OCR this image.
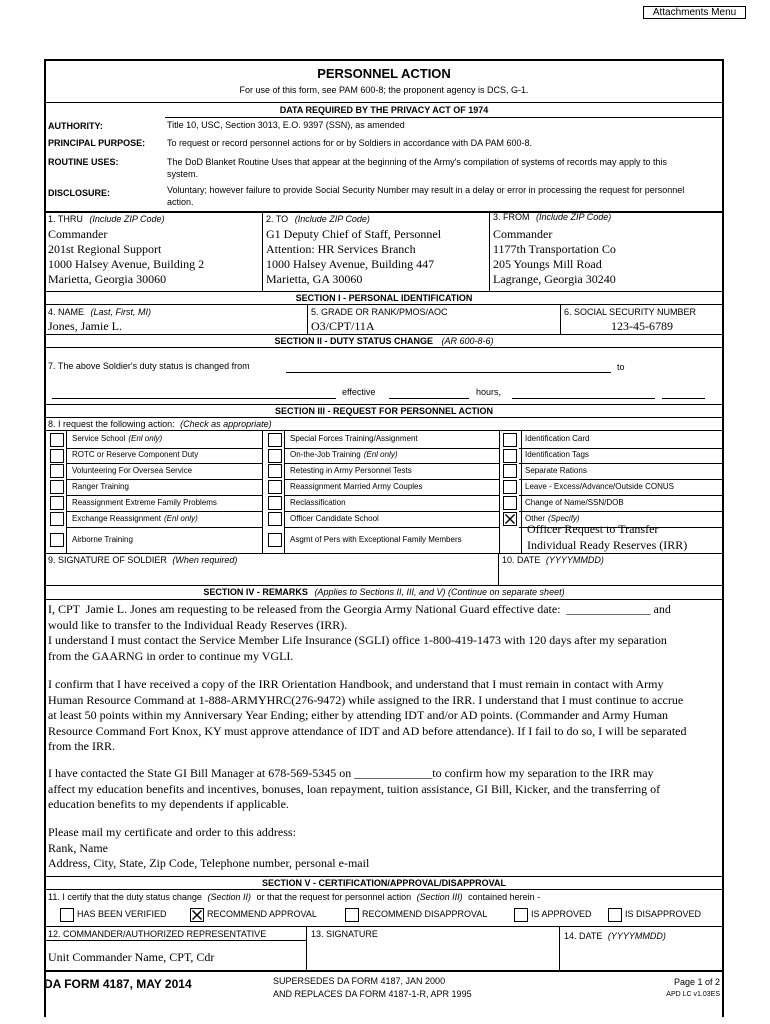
Attachments Menu
PERSONNEL ACTION
For use of this form, see PAM 600-8; the proponent agency is DCS, G-1.
DATA REQUIRED BY THE PRIVACY ACT OF 1974
AUTHORITY:	Title 10, USC, Section 3013, E.O. 9397 (SSN), as amended
PRINCIPAL PURPOSE: To request or record personnel actions for or by Soldiers in accordance with DA PAM 600-8.
ROUTINE USES:	The DoD Blanket Routine Uses that appear at the beginning of the Army's compilation of systems of records may apply to this system.
DISCLOSURE:	Voluntary; however failure to provide Social Security Number may result in a delay or error in processing the request for personnel action.
1. THRU (Include ZIP Code)
Commander
201st Regional Support
1000 Halsey Avenue, Building 2
Marietta, Georgia 30060
2. TO (Include ZIP Code)
G1 Deputy Chief of Staff, Personnel
Attention: HR Services Branch
1000 Halsey Avenue, Building 447
Marietta, GA 30060
3. FROM (Include ZIP Code)
Commander
1177th Transportation Co
205 Youngs Mill Road
Lagrange, Georgia 30240
SECTION I - PERSONAL IDENTIFICATION
4. NAME (Last, First, MI)
Jones, Jamie L.
5. GRADE OR RANK/PMOS/AOC
O3/CPT/11A
6. SOCIAL SECURITY NUMBER
123-45-6789
SECTION II - DUTY STATUS CHANGE (AR 600-8-6)
7. The above Soldier's duty status is changed from	to
effective	hours,
SECTION III - REQUEST FOR PERSONNEL ACTION
8. I request the following action: (Check as appropriate)
Service School (Enl only)
ROTC or Reserve Component Duty
Volunteering For Oversea Service
Ranger Training
Reassignment Extreme Family Problems
Exchange Reassignment (Enl only)
Airborne Training
Special Forces Training/Assignment
On-the-Job Training (Enl only)
Retesting in Army Personnel Tests
Reassignment Married Army Couples
Reclassification
Officer Candidate School
Asgmt of Pers with Exceptional Family Members
Identification Card
Identification Tags
Separate Rations
Leave - Excess/Advance/Outside CONUS
Change of Name/SSN/DOB
Other (Specify)
Officer Request to Transfer
Individual Ready Reserves (IRR)
9. SIGNATURE OF SOLDIER (When required)	10. DATE (YYYYMMDD)
SECTION IV - REMARKS (Applies to Sections II, III, and V) (Continue on separate sheet)
I, CPT  Jamie L. Jones am requesting to be released from the Georgia Army National Guard effective date:  ______________ and
would like to transfer to the Individual Ready Reserves (IRR).
I understand I must contact the Service Member Life Insurance (SGLI) office 1-800-419-1473 with 120 days after my separation
from the GAARNG in order to continue my VGLI.
I confirm that I have received a copy of the IRR Orientation Handbook, and understand that I must remain in contact with Army
Human Resource Command at 1-888-ARMYHRC(276-9472) while assigned to the IRR. I understand that I must continue to accrue
at least 50 points within my Anniversary Year Ending; either by attending IDT and/or AD points. (Commander and Army Human
Resource Command Fort Knox, KY must approve attendance of IDT and AD before attendance). If I fail to do so, I will be separated
from the IRR.
I have contacted the State GI Bill Manager at 678-569-5345 on _____________to confirm how my separation to the IRR may
affect my education benefits and incentives, bonuses, loan repayment, tuition assistance, GI Bill, Kicker, and the transferring of
education benefits to my dependents if applicable.
Please mail my certificate and order to this address:
Rank, Name
Address, City, State, Zip Code, Telephone number, personal e-mail
SECTION V - CERTIFICATION/APPROVAL/DISAPPROVAL
11. I certify that the duty status change (Section II) or that the request for personnel action (Section III) contained herein -
HAS BEEN VERIFIED	RECOMMEND APPROVAL	RECOMMEND DISAPPROVAL	IS APPROVED	IS DISAPPROVED
12. COMMANDER/AUTHORIZED REPRESENTATIVE
Unit Commander Name, CPT, Cdr
13. SIGNATURE	14. DATE (YYYYMMDD)
DA FORM 4187, MAY 2014	SUPERSEDES DA FORM 4187, JAN 2000
AND REPLACES DA FORM 4187-1-R, APR 1995
Page 1 of 2
APD LC v1.03ES
